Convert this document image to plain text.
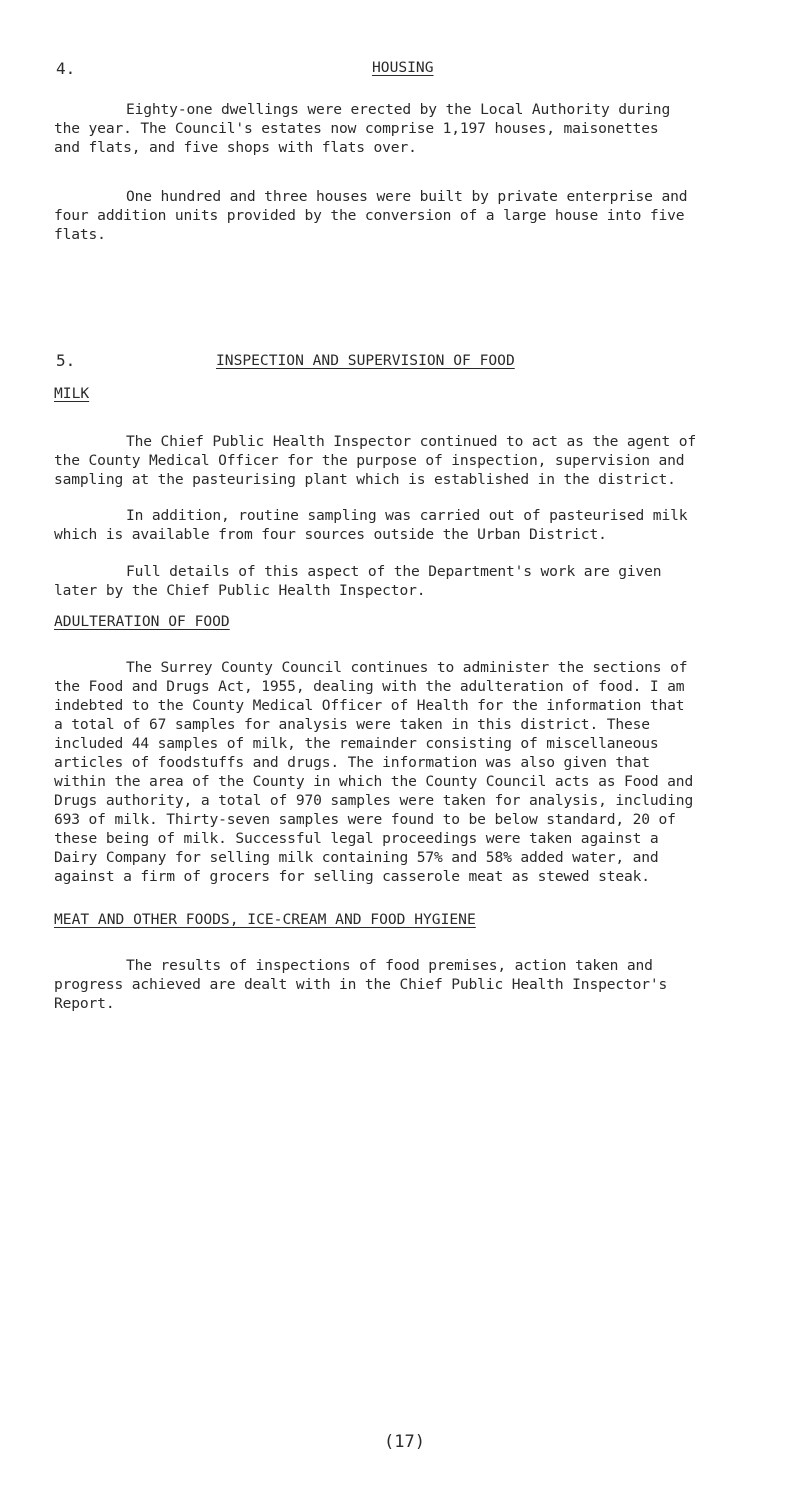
4.	HOUSING

Eighty-one dwellings were erected by the Local Authority during
the year. The Council's estates now comprise 1,197 houses, maisonettes
and flats, and five shops with flats over.

One hundred and three houses were built by private enterprise and
four addition units provided by the conversion of a large house into five
flats.

5.	INSPECTION AND SUPERVISION OF FOOD
MILK

The Chief Public Health Inspector continued to act as the agent of
the County Medical Officer for the purpose of inspection, supervision and
sampling at the pasteurising plant which is established in the district.

In addition, routine sampling was carried out of pasteurised milk
which is available from four sources outside the Urban District.

Full details of this aspect of the Department's work are given
later by the Chief Public Health Inspector.

ADULTERATION OF FOOD

The Surrey County Council continues to administer the sections of
the Food and Drugs Act, 1955, dealing with the adulteration of food. I am
indebted to the County Medical Officer of Health for the information that
a total of 67 samples for analysis were taken in this district. These
included 44 samples of milk, the remainder consisting of miscellaneous
articles of foodstuffs and drugs. The information was also given that
within the area of the County in which the County Council acts as Food and
Drugs authority, a total of 970 samples were taken for analysis, including
693 of milk. Thirty-seven samples were found to be below standard, 20 of
these being of milk. Successful legal proceedings were taken against a
Dairy Company for selling milk containing 57% and 58% added water, and
against a firm of grocers for selling casserole meat as stewed steak.

MEAT AND OTHER FOODS, ICE-CREAM AND FOOD HYGIENE

The results of inspections of food premises, action taken and
progress achieved are dealt with in the Chief Public Health Inspector's
Report.

(17)
